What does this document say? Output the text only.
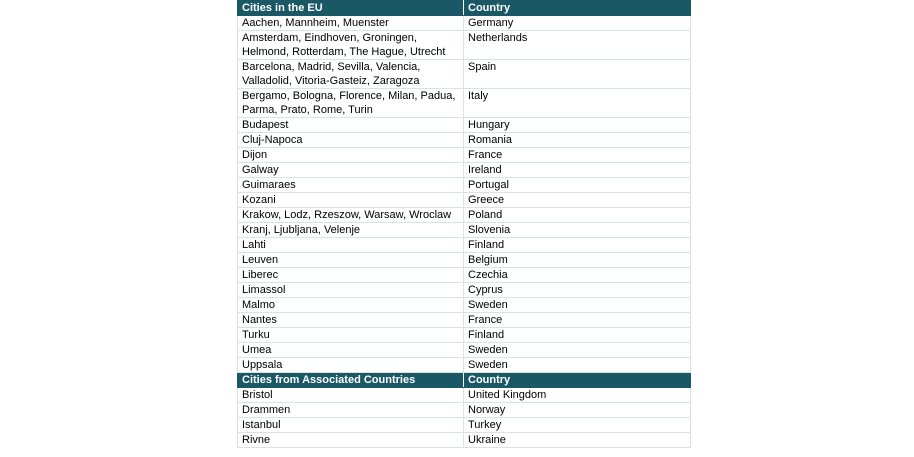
Cities in the EU	Country
Aachen, Mannheim, Muenster	Germany
Amsterdam, Eindhoven, Groningen, Helmond, Rotterdam, The Hague, Utrecht	Netherlands
Barcelona, Madrid, Sevilla, Valencia, Valladolid, Vitoria-Gasteiz, Zaragoza	Spain
Bergamo, Bologna, Florence, Milan, Padua, Parma, Prato, Rome, Turin	Italy
Budapest	Hungary
Cluj-Napoca	Romania
Dijon	France
Galway	Ireland
Guimaraes	Portugal
Kozani	Greece
Krakow, Lodz, Rzeszow, Warsaw, Wroclaw	Poland
Kranj, Ljubljana, Velenje	Slovenia
Lahti	Finland
Leuven	Belgium
Liberec	Czechia
Limassol	Cyprus
Malmo	Sweden
Nantes	France
Turku	Finland
Umea	Sweden
Uppsala	Sweden
Cities from Associated Countries	Country
Bristol	United Kingdom
Drammen	Norway
Istanbul	Turkey
Rivne	Ukraine
